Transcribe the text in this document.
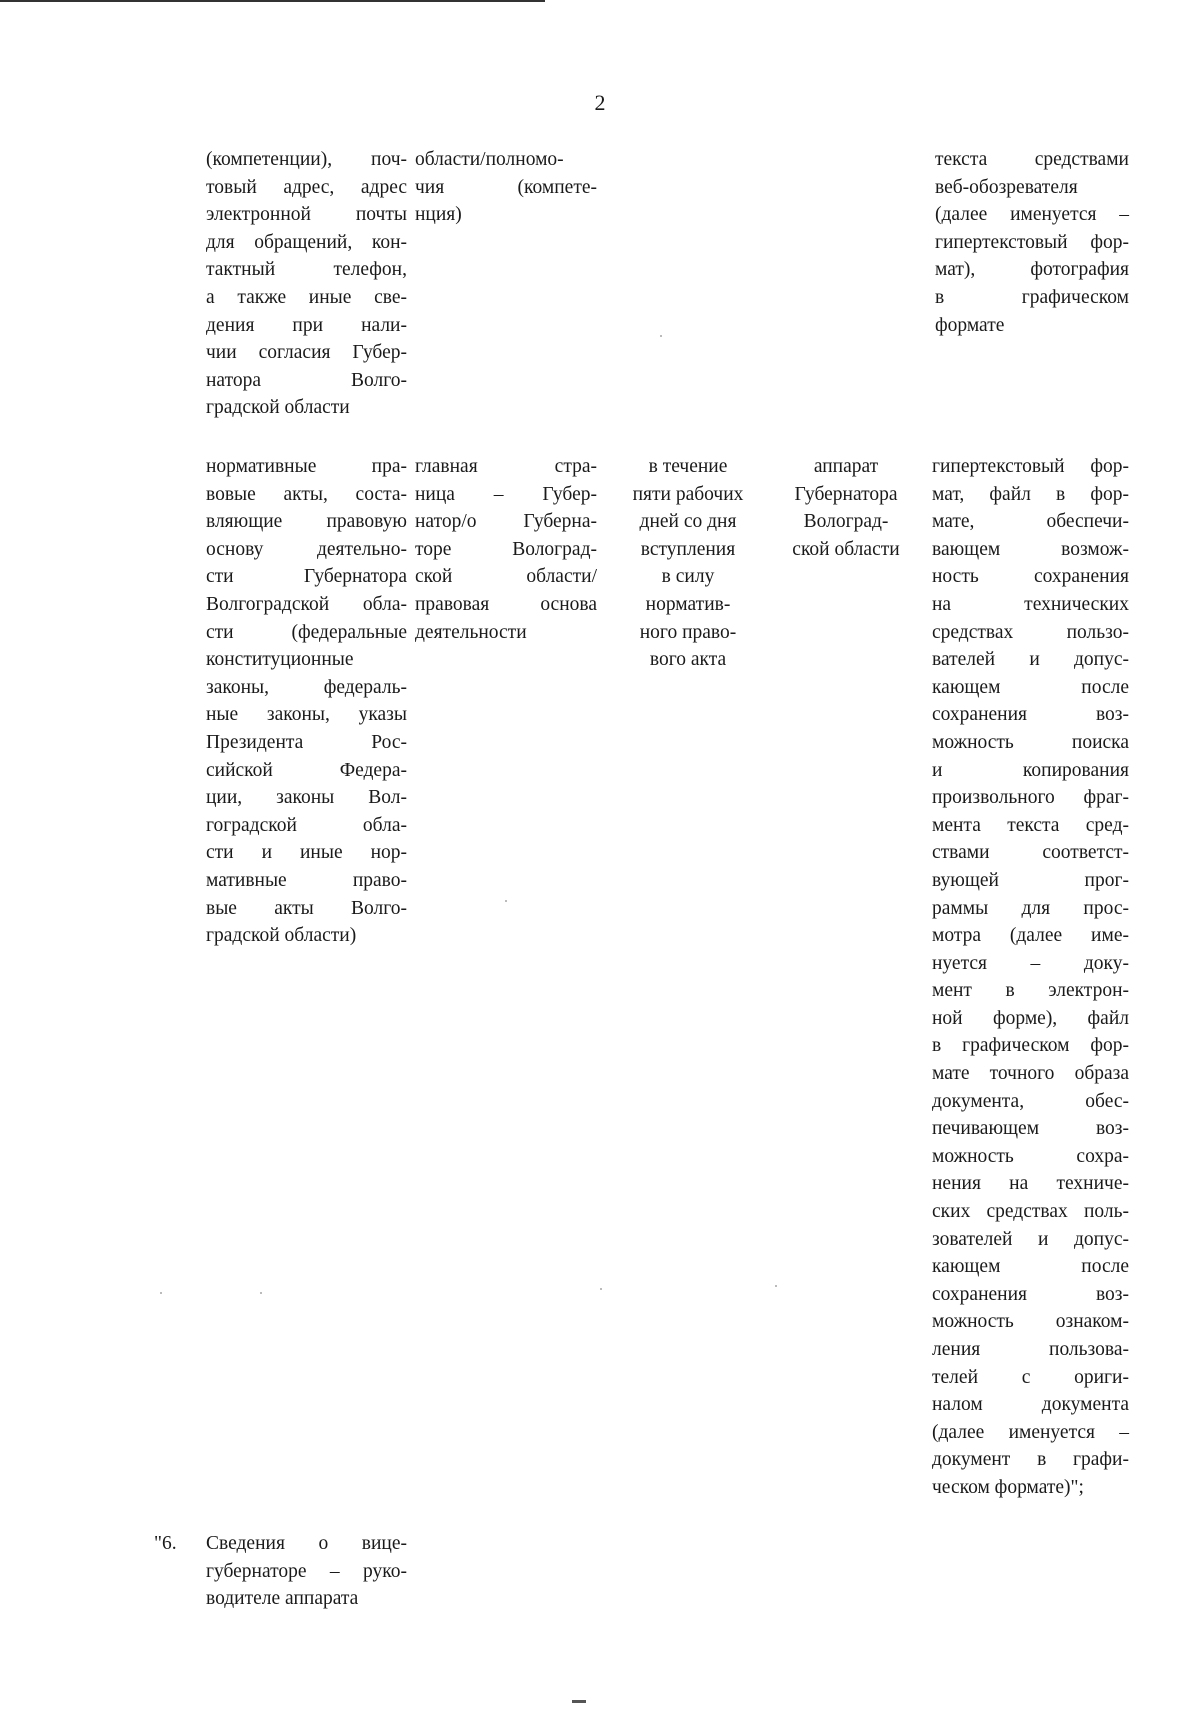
2
(компетенции), поч-
товый адрес, адрес
электронной почты
для обращений, кон-
тактный телефон,
а также иные све-
дения при нали-
чии согласия Губер-
натора Волго-
градской области
области/полномо-
чия (компете-
нция)
текста средствами
веб-обозревателя
(далее именуется –
гипертекстовый фор-
мат), фотография
в графическом
формате
нормативные пра-
вовые акты, соста-
вляющие правовую
основу деятельно-
сти Губернатора
Волгоградской обла-
сти (федеральные
конституционные
законы, федераль-
ные законы, указы
Президента Рос-
сийской Федера-
ции, законы Вол-
гоградской обла-
сти и иные нор-
мативные право-
вые акты Волго-
градской области)
главная стра-
ница – Губер-
натор/о Губерна-
торе Волоград-
ской области/
правовая основа
деятельности
в течение
пяти рабочих
дней со дня
вступления
в силу
норматив-
ного право-
вого акта
аппарат
Губернатора
Волоград-
ской области
гипертекстовый фор-
мат, файл в фор-
мате, обеспечи-
вающем возмож-
ность сохранения
на технических
средствах пользо-
вателей и допус-
кающем после
сохранения воз-
можность поиска
и копирования
произвольного фраг-
мента текста сред-
ствами соответст-
вующей прог-
раммы для прос-
мотра (далее име-
нуется – доку-
мент в электрон-
ной форме), файл
в графическом фор-
мате точного образа
документа, обес-
печивающем воз-
можность сохра-
нения на техниче-
ских средствах поль-
зователей и допус-
кающем после
сохранения воз-
можность ознаком-
ления пользова-
телей с ориги-
налом документа
(далее именуется –
документ в графи-
ческом формате)";
"6.	Сведения о вице-
губернаторе – руко-
водителе аппарата
